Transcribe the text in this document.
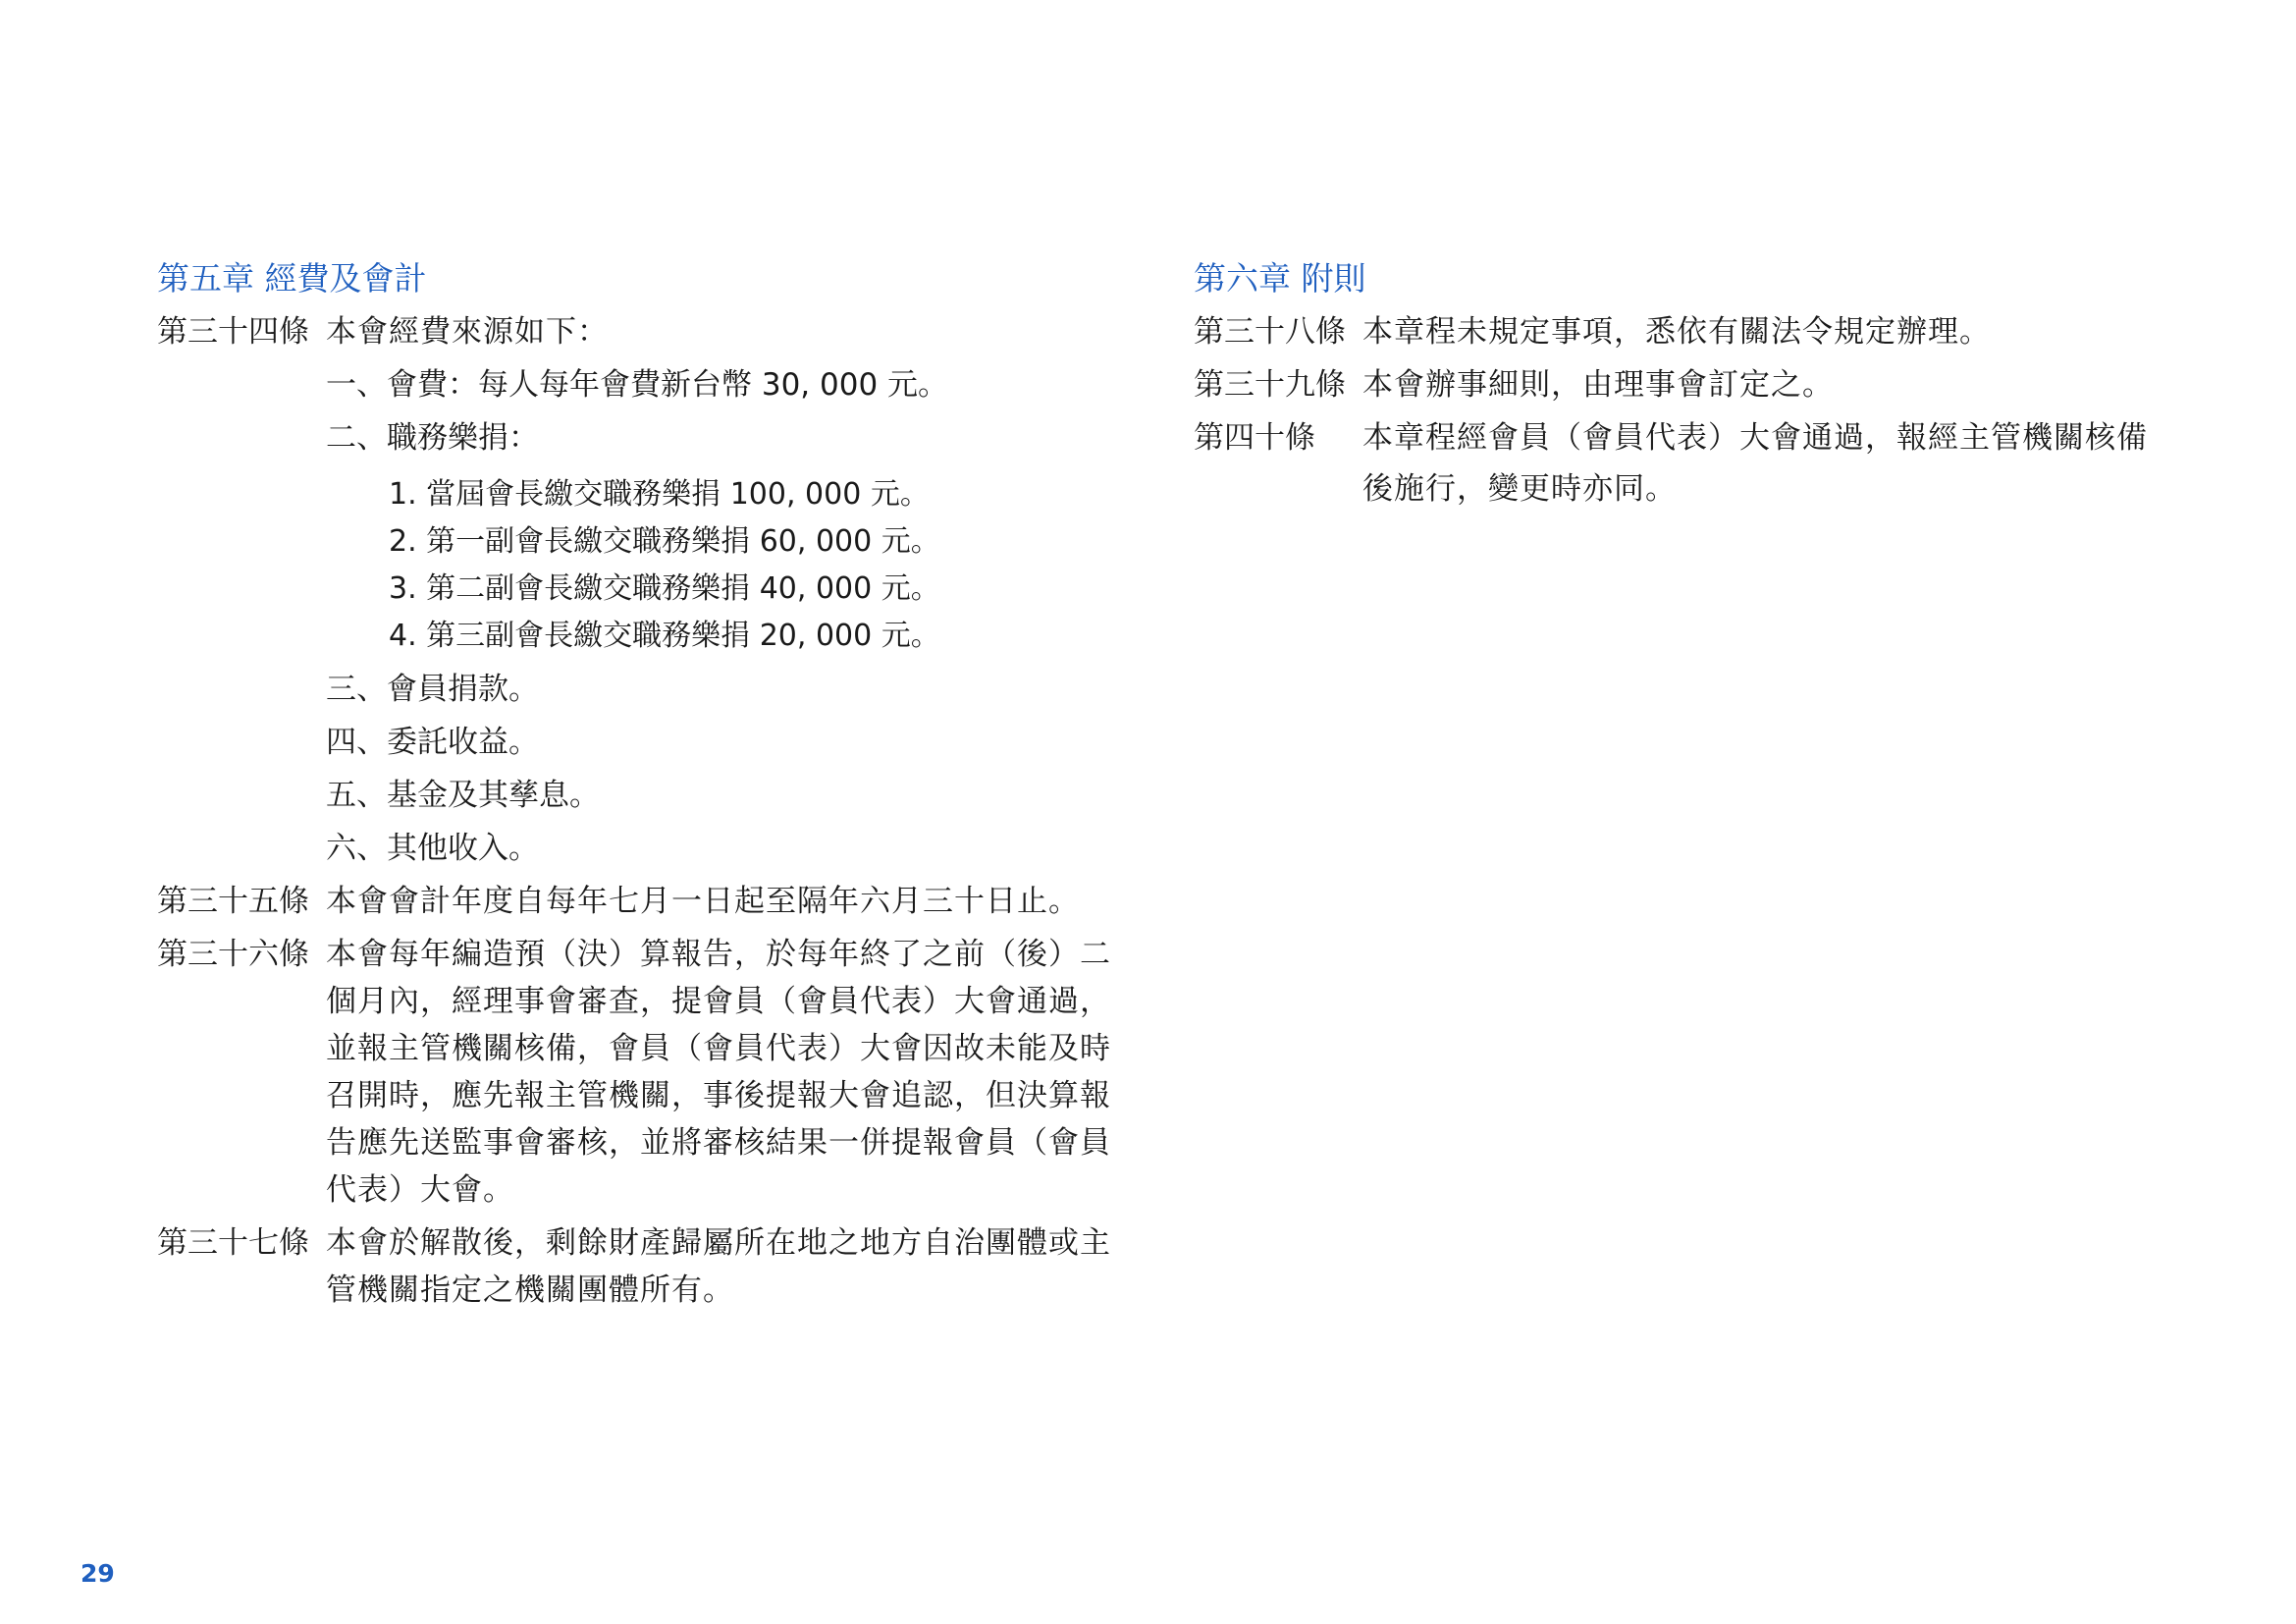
第五章 經費及會計
第三十四條 本會經費來源如下：
一、會費：每人每年會費新台幣 30, 000 元。
二、職務樂捐：
1. 當屆會長繳交職務樂捐 100, 000 元。
2. 第一副會長繳交職務樂捐 60, 000 元。
3. 第二副會長繳交職務樂捐 40, 000 元。
4. 第三副會長繳交職務樂捐 20, 000 元。
三、會員捐款。
四、委託收益。
五、基金及其孳息。
六、其他收入。
第三十五條 本會會計年度自每年七月一日起至隔年六月三十日止。
第三十六條 本會每年編造預（決）算報告，於每年終了之前（後）二
個月內，經理事會審查，提會員（會員代表）大會通過，
並報主管機關核備，會員（會員代表）大會因故未能及時
召開時，應先報主管機關，事後提報大會追認，但決算報
告應先送監事會審核，並將審核結果一併提報會員（會員
代表）大會。
第三十七條 本會於解散後，剩餘財產歸屬所在地之地方自治團體或主
管機關指定之機關團體所有。
第六章 附則
第三十八條 本章程未規定事項，悉依有關法令規定辦理。
第三十九條 本會辦事細則，由理事會訂定之。
第四十條 本章程經會員（會員代表）大會通過，報經主管機關核備
後施行，變更時亦同。
29
